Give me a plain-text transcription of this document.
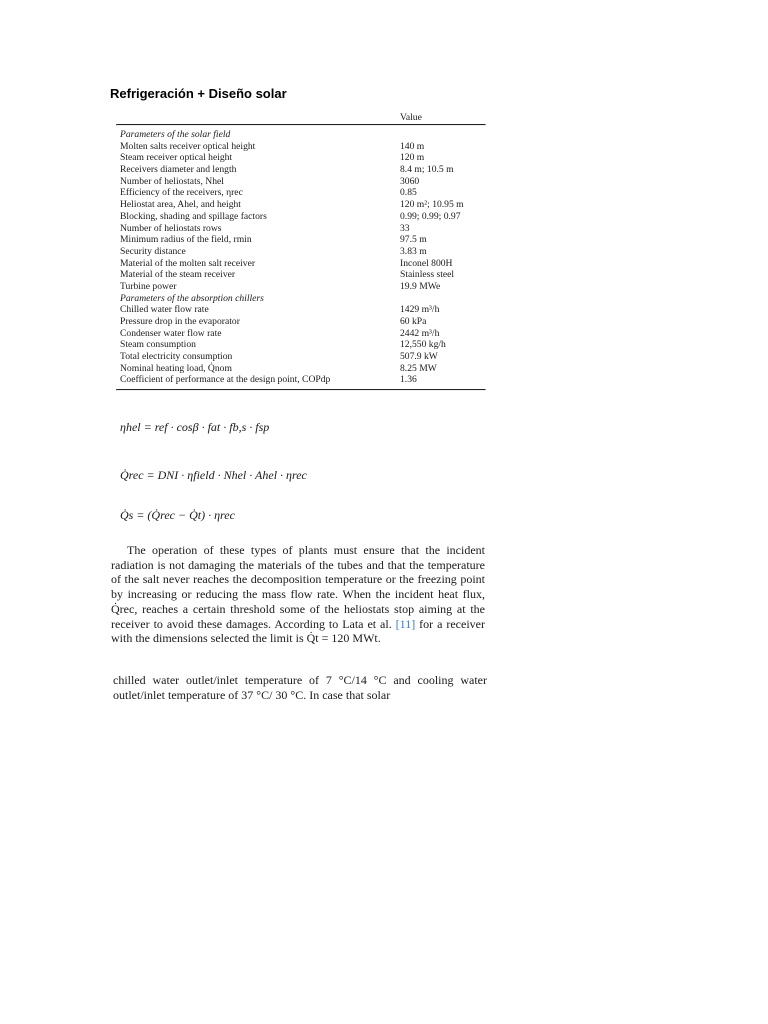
Refrigeración + Diseño solar
Value
Parameters of the solar field
Molten salts receiver optical height	140 m
Steam receiver optical height	120 m
Receivers diameter and length	8.4 m; 10.5 m
Number of heliostats, Nhel	3060
Efficiency of the receivers, ηrec	0.85
Heliostat area, Ahel, and height	120 m²; 10.95 m
Blocking, shading and spillage factors	0.99; 0.99; 0.97
Number of heliostats rows	33
Minimum radius of the field, rmin	97.5 m
Security distance	3.83 m
Material of the molten salt receiver	Inconel 800H
Material of the steam receiver	Stainless steel
Turbine power	19.9 MWe
Parameters of the absorption chillers
Chilled water flow rate	1429 m³/h
Pressure drop in the evaporator	60 kPa
Condenser water flow rate	2442 m³/h
Steam consumption	12,550 kg/h
Total electricity consumption	507.9 kW
Nominal heating load, Q̇nom	8.25 MW
Coefficient of performance at the design point, COPdp	1.36
ηhel = ref · cosβ · fat · fb,s · fsp
Q̇rec = DNI · ηfield · Nhel · Ahel · ηrec
Q̇s = (Q̇rec − Q̇t) · ηrec

The operation of these types of plants must ensure that the incident radiation is not damaging the materials of the tubes and that the temperature of the salt never reaches the decomposition temperature or the freezing point by increasing or reducing the mass flow rate. When the incident heat flux, Q̇rec, reaches a certain threshold some of the heliostats stop aiming at the receiver to avoid these damages. According to Lata et al. [11] for a receiver with the dimensions selected the limit is Q̇t = 120 MWt.

chilled water outlet/inlet temperature of 7 °C/14 °C and cooling water outlet/inlet temperature of 37 °C/ 30 °C. In case that solar
